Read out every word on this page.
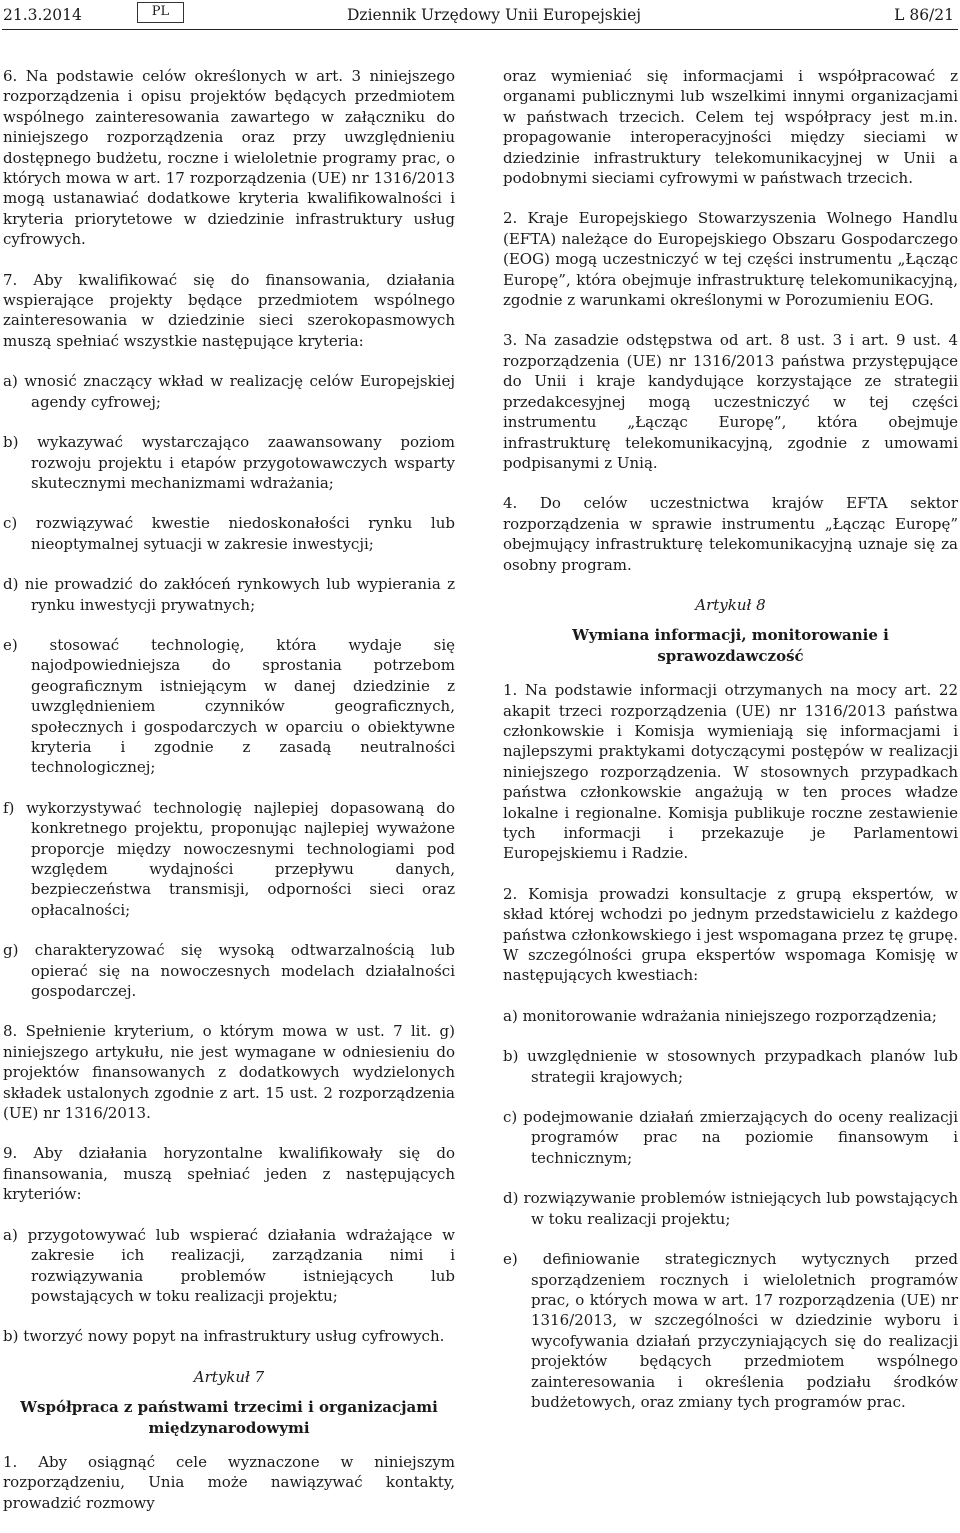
21.3.2014	PL	Dziennik Urzędowy Unii Europejskiej	L 86/21

6. Na podstawie celów określonych w art. 3 niniejszego rozporządzenia i opisu projektów będących przedmiotem wspólnego zainteresowania zawartego w załączniku do niniejszego rozporządzenia oraz przy uwzględnieniu dostępnego budżetu, roczne i wieloletnie programy prac, o których mowa w art. 17 rozporządzenia (UE) nr 1316/2013 mogą ustanawiać dodatkowe kryteria kwalifikowalności i kryteria priorytetowe w dziedzinie infrastruktury usług cyfrowych.

7. Aby kwalifikować się do finansowania, działania wspierające projekty będące przedmiotem wspólnego zainteresowania w dziedzinie sieci szerokopasmowych muszą spełniać wszystkie następujące kryteria:

a) wnosić znaczący wkład w realizację celów Europejskiej agendy cyfrowej;

b) wykazywać wystarczająco zaawansowany poziom rozwoju projektu i etapów przygotowawczych wsparty skutecznymi mechanizmami wdrażania;

c) rozwiązywać kwestie niedoskonałości rynku lub nieoptymalnej sytuacji w zakresie inwestycji;

d) nie prowadzić do zakłóceń rynkowych lub wypierania z rynku inwestycji prywatnych;

e) stosować technologię, która wydaje się najodpowiedniejsza do sprostania potrzebom geograficznym istniejącym w danej dziedzinie z uwzględnieniem czynników geograficznych, społecznych i gospodarczych w oparciu o obiektywne kryteria i zgodnie z zasadą neutralności technologicznej;

f) wykorzystywać technologię najlepiej dopasowaną do konkretnego projektu, proponując najlepiej wyważone proporcje między nowoczesnymi technologiami pod względem wydajności przepływu danych, bezpieczeństwa transmisji, odporności sieci oraz opłacalności;

g) charakteryzować się wysoką odtwarzalnością lub opierać się na nowoczesnych modelach działalności gospodarczej.

8. Spełnienie kryterium, o którym mowa w ust. 7 lit. g) niniejszego artykułu, nie jest wymagane w odniesieniu do projektów finansowanych z dodatkowych wydzielonych składek ustalonych zgodnie z art. 15 ust. 2 rozporządzenia (UE) nr 1316/2013.

9. Aby działania horyzontalne kwalifikowały się do finansowania, muszą spełniać jeden z następujących kryteriów:

a) przygotowywać lub wspierać działania wdrażające w zakresie ich realizacji, zarządzania nimi i rozwiązywania problemów istniejących lub powstających w toku realizacji projektu;

b) tworzyć nowy popyt na infrastruktury usług cyfrowych.

Artykuł 7
Współpraca z państwami trzecimi i organizacjami międzynarodowymi

1. Aby osiągnąć cele wyznaczone w niniejszym rozporządzeniu, Unia może nawiązywać kontakty, prowadzić rozmowy

oraz wymieniać się informacjami i współpracować z organami publicznymi lub wszelkimi innymi organizacjami w państwach trzecich. Celem tej współpracy jest m.in. propagowanie interoperacyjności między sieciami w dziedzinie infrastruktury telekomunikacyjnej w Unii a podobnymi sieciami cyfrowymi w państwach trzecich.

2. Kraje Europejskiego Stowarzyszenia Wolnego Handlu (EFTA) należące do Europejskiego Obszaru Gospodarczego (EOG) mogą uczestniczyć w tej części instrumentu „Łącząc Europę”, która obejmuje infrastrukturę telekomunikacyjną, zgodnie z warunkami określonymi w Porozumieniu EOG.

3. Na zasadzie odstępstwa od art. 8 ust. 3 i art. 9 ust. 4 rozporządzenia (UE) nr 1316/2013 państwa przystępujące do Unii i kraje kandydujące korzystające ze strategii przedakcesyjnej mogą uczestniczyć w tej części instrumentu „Łącząc Europę”, która obejmuje infrastrukturę telekomunikacyjną, zgodnie z umowami podpisanymi z Unią.

4. Do celów uczestnictwa krajów EFTA sektor rozporządzenia w sprawie instrumentu „Łącząc Europę” obejmujący infrastrukturę telekomunikacyjną uznaje się za osobny program.

Artykuł 8
Wymiana informacji, monitorowanie i sprawozdawczość

1. Na podstawie informacji otrzymanych na mocy art. 22 akapit trzeci rozporządzenia (UE) nr 1316/2013 państwa członkowskie i Komisja wymieniają się informacjami i najlepszymi praktykami dotyczącymi postępów w realizacji niniejszego rozporządzenia. W stosownych przypadkach państwa członkowskie angażują w ten proces władze lokalne i regionalne. Komisja publikuje roczne zestawienie tych informacji i przekazuje je Parlamentowi Europejskiemu i Radzie.

2. Komisja prowadzi konsultacje z grupą ekspertów, w skład której wchodzi po jednym przedstawicielu z każdego państwa członkowskiego i jest wspomagana przez tę grupę. W szczególności grupa ekspertów wspomaga Komisję w następujących kwestiach:

a) monitorowanie wdrażania niniejszego rozporządzenia;

b) uwzględnienie w stosownych przypadkach planów lub strategii krajowych;

c) podejmowanie działań zmierzających do oceny realizacji programów prac na poziomie finansowym i technicznym;

d) rozwiązywanie problemów istniejących lub powstających w toku realizacji projektu;

e) definiowanie strategicznych wytycznych przed sporządzeniem rocznych i wieloletnich programów prac, o których mowa w art. 17 rozporządzenia (UE) nr 1316/2013, w szczególności w dziedzinie wyboru i wycofywania działań przyczyniających się do realizacji projektów będących przedmiotem wspólnego zainteresowania i określenia podziału środków budżetowych, oraz zmiany tych programów prac.
